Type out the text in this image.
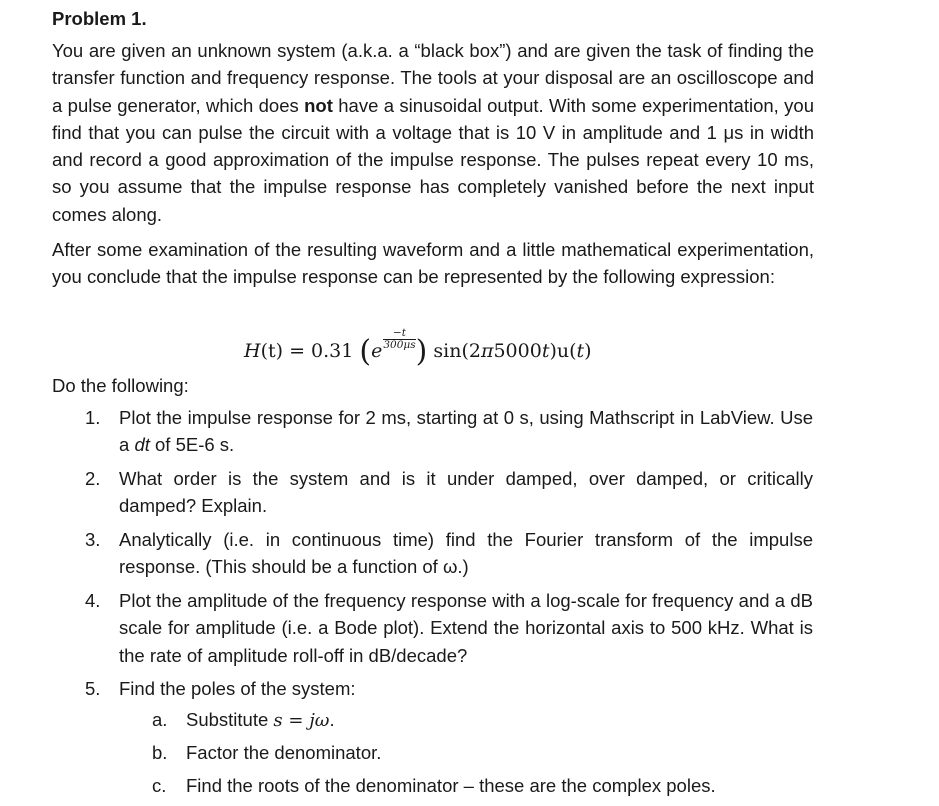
Problem 1.

You are given an unknown system (a.k.a. a “black box”) and are given the task of finding the transfer function and frequency response. The tools at your disposal are an oscilloscope and a pulse generator, which does not have a sinusoidal output. With some experimentation, you find that you can pulse the circuit with a voltage that is 10 V in amplitude and 1 μs in width and record a good approximation of the impulse response. The pulses repeat every 10 ms, so you assume that the impulse response has completely vanished before the next input comes along.

After some examination of the resulting waveform and a little mathematical experimentation, you conclude that the impulse response can be represented by the following expression:

H(t) = 0.31 ($e \frac{-t}{300\mu s}$ ) sin(2π5000t)u(t)
Do the following:
1. Plot the impulse response for 2 ms, starting at 0 s, using Mathscript in LabView. Use a dt of 5E-6 s.
2. What order is the system and is it under damped, over damped, or critically damped? Explain.
3. Analytically (i.e. in continuous time) find the Fourier transform of the impulse response. (This should be a function of ω.)
4. Plot the amplitude of the frequency response with a log-scale for frequency and a dB scale for amplitude (i.e. a Bode plot). Extend the horizontal axis to 500 kHz. What is the rate of amplitude roll-off in dB/decade?
5. Find the poles of the system:
a. Substitute s = jω.
b. Factor the denominator.
c. Find the roots of the denominator – these are the complex poles.
